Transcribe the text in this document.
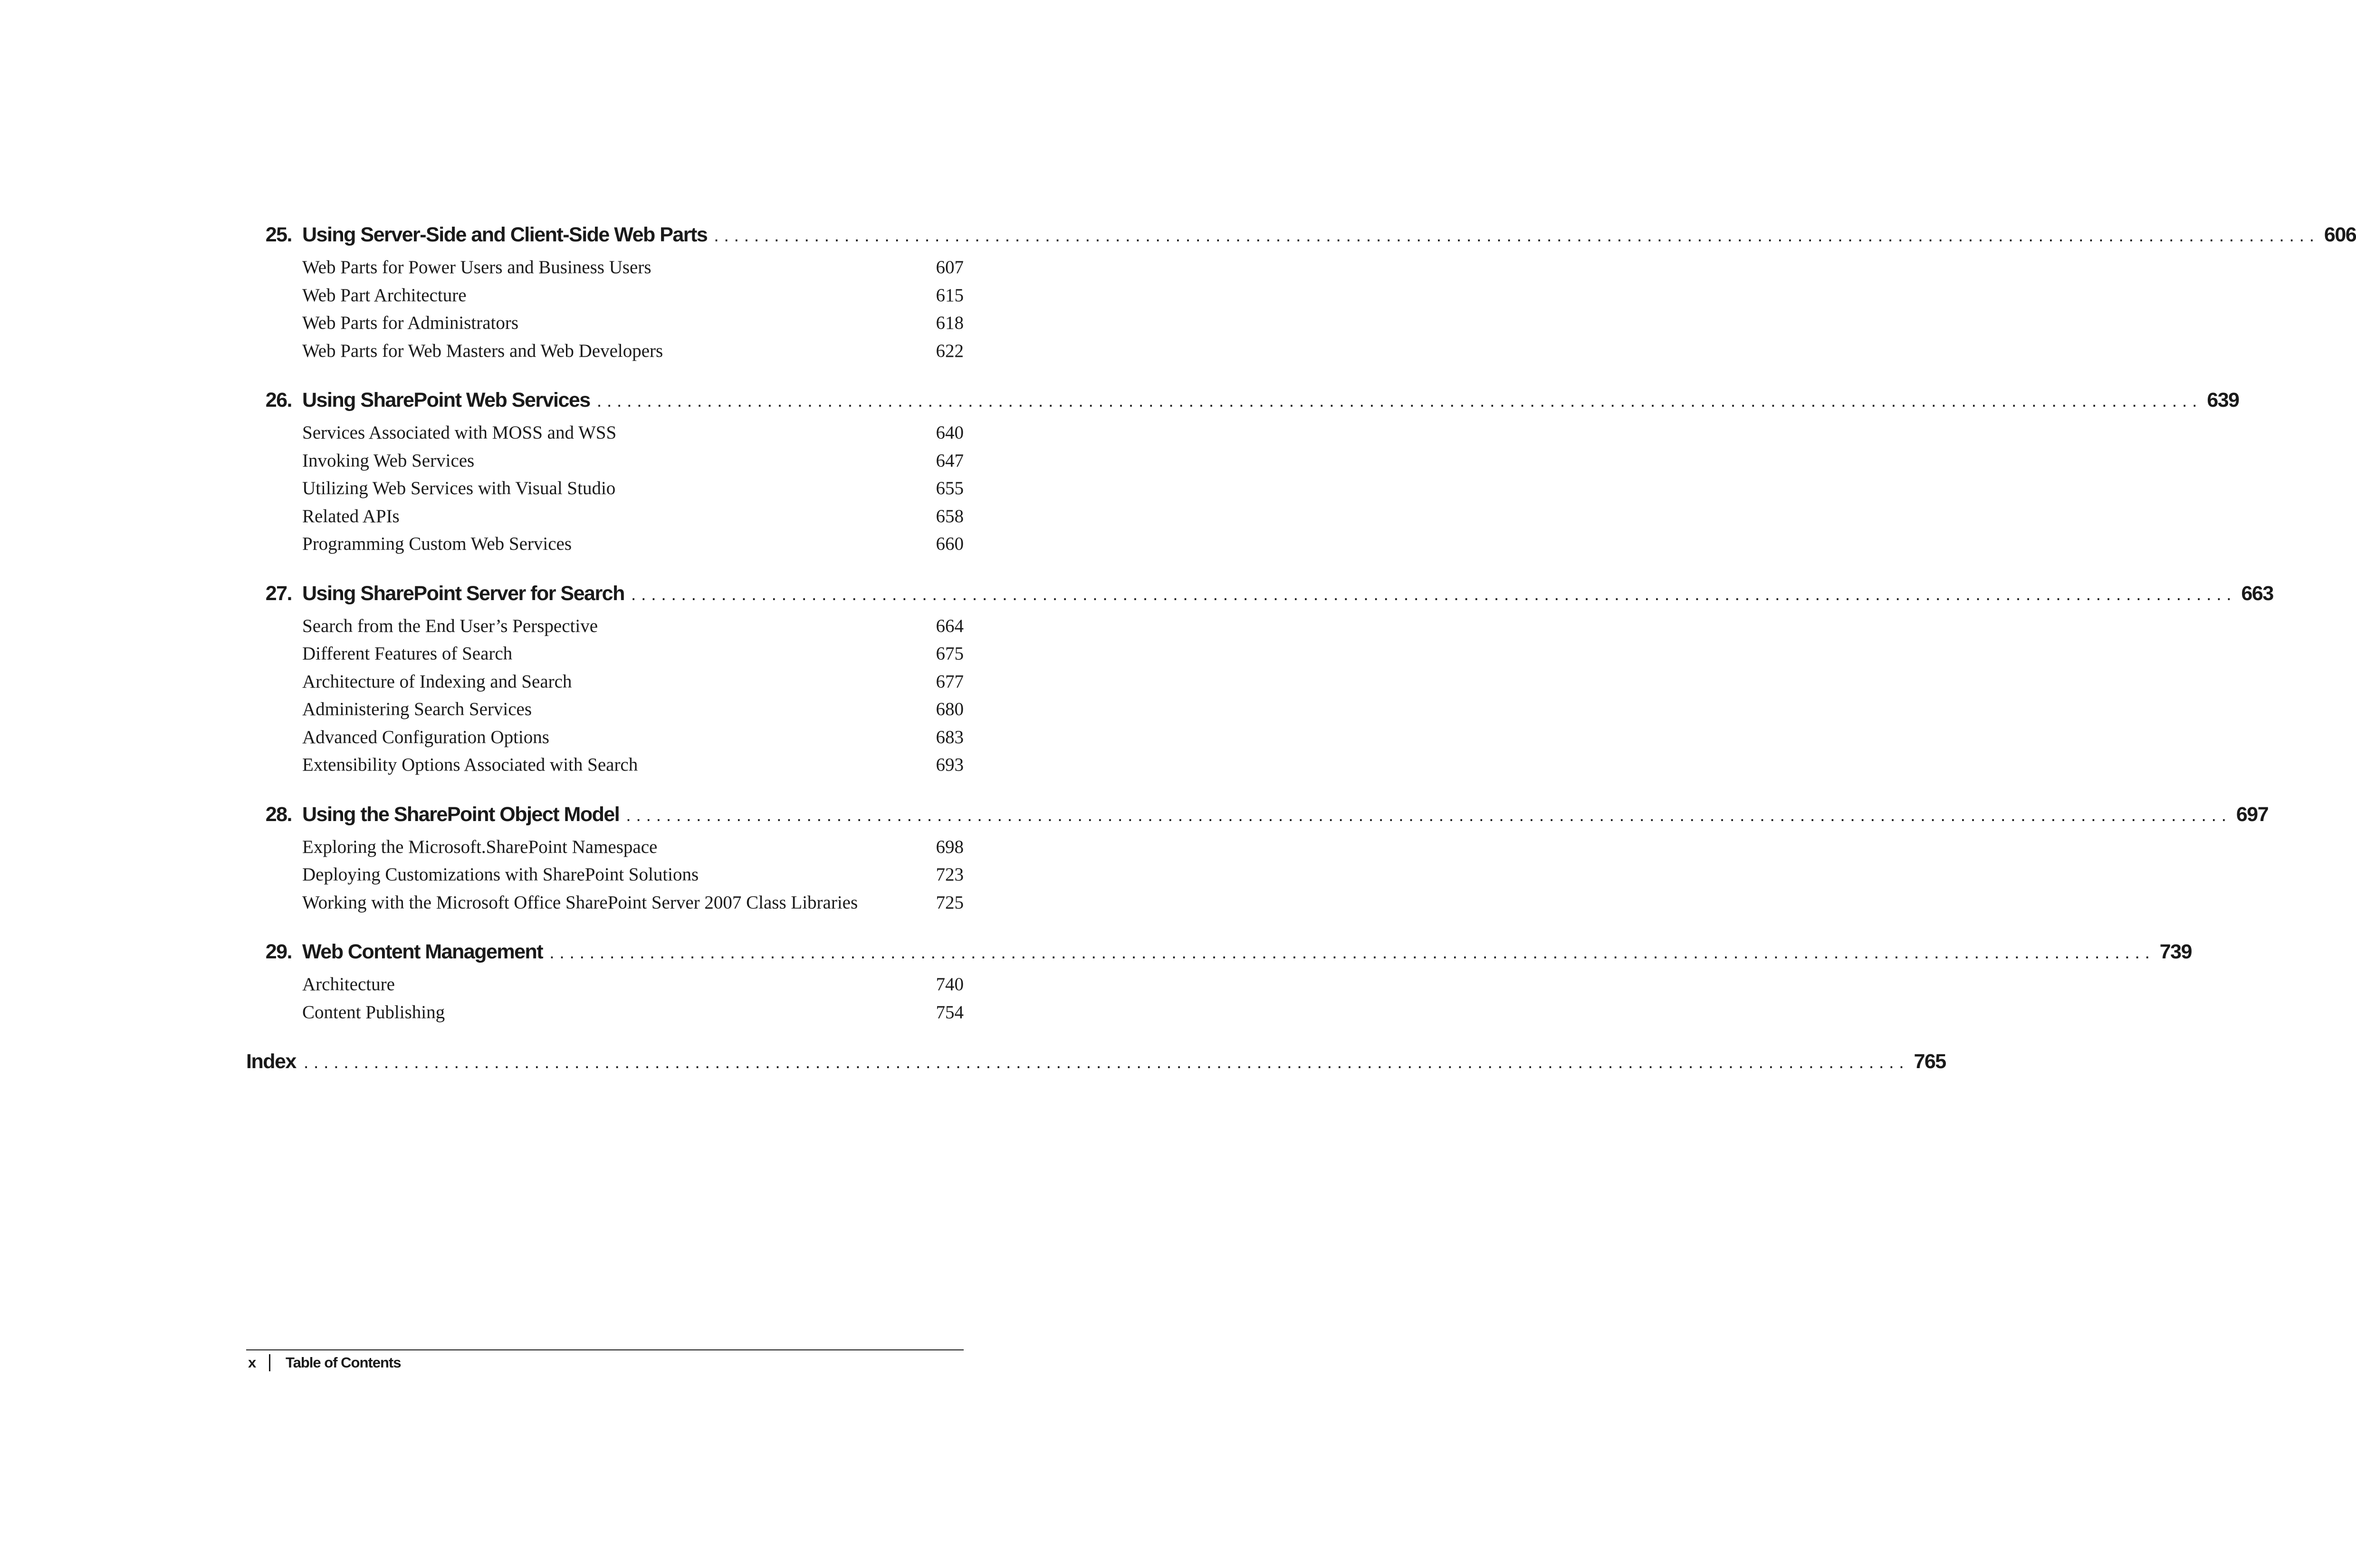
25. Using Server-Side and Client-Side Web Parts . . . . . . . . . . . . . . . . . . . . . . . . . . . . . . . . . . . . . . . . . . . . . . . . . . . . . . . . . . . . . . . . . . . . . . . . . . . . . . . . . . . . . . . . . . . . . . . . . . . . . . . . . . . . . . . . . . . . . . . . . . . . . . . . . . . . . . . . . . . . . . . . . . . . . . . . . . . . . . . . 606
Web Parts for Power Users and Business Users	607
Web Part Architecture	615
Web Parts for Administrators	618
Web Parts for Web Masters and Web Developers	622
26. Using SharePoint Web Services . . . . . . . . . . . . . . . . . . . . . . . . . . . . . . . . . . . . . . . . . . . . . . . . . . . . . . . . . . . . . . . . . . . . . . . . . . . . . . . . . . . . . . . . . . . . . . . . . . . . . . . . . . . . . . . . . . . . . . . . . . . . . . . . . . . . . . . . . . . . . . . . . . . . . . . . . . . . . . . . 639
Services Associated with MOSS and WSS	640
Invoking Web Services	647
Utilizing Web Services with Visual Studio	655
Related APIs	658
Programming Custom Web Services	660
27. Using SharePoint Server for Search . . . . . . . . . . . . . . . . . . . . . . . . . . . . . . . . . . . . . . . . . . . . . . . . . . . . . . . . . . . . . . . . . . . . . . . . . . . . . . . . . . . . . . . . . . . . . . . . . . . . . . . . . . . . . . . . . . . . . . . . . . . . . . . . . . . . . . . . . . . . . . . . . . . . . . . . . . . . . . . . 663
Search from the End User’s Perspective	664
Different Features of Search	675
Architecture of Indexing and Search	677
Administering Search Services	680
Advanced Configuration Options	683
Extensibility Options Associated with Search	693
28. Using the SharePoint Object Model . . . . . . . . . . . . . . . . . . . . . . . . . . . . . . . . . . . . . . . . . . . . . . . . . . . . . . . . . . . . . . . . . . . . . . . . . . . . . . . . . . . . . . . . . . . . . . . . . . . . . . . . . . . . . . . . . . . . . . . . . . . . . . . . . . . . . . . . . . . . . . . . . . . . . . . . . . . . . . . . 697
Exploring the Microsoft.SharePoint Namespace	698
Deploying Customizations with SharePoint Solutions	723
Working with the Microsoft Office SharePoint Server 2007 Class Libraries	725
29. Web Content Management . . . . . . . . . . . . . . . . . . . . . . . . . . . . . . . . . . . . . . . . . . . . . . . . . . . . . . . . . . . . . . . . . . . . . . . . . . . . . . . . . . . . . . . . . . . . . . . . . . . . . . . . . . . . . . . . . . . . . . . . . . . . . . . . . . . . . . . . . . . . . . . . . . . . . . . . . . . . . . . . 739
Architecture	740
Content Publishing	754
Index . . . . . . . . . . . . . . . . . . . . . . . . . . . . . . . . . . . . . . . . . . . . . . . . . . . . . . . . . . . . . . . . . . . . . . . . . . . . . . . . . . . . . . . . . . . . . . . . . . . . . . . . . . . . . . . . . . . . . . . . . . . . . . . . . . . . . . . . . . . . . . . . . . . . . . . . . . . . . . . . 765
x	Table of Contents
